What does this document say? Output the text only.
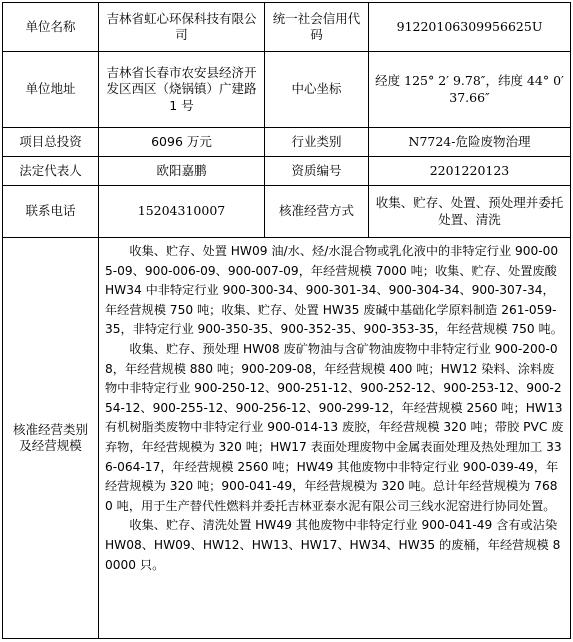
单位名称	吉林省虹心环保科技有限公司	统一社会信用代码	91220106309956625U
单位地址	吉林省长春市农安县经济开发区西区（烧锅镇）广建路 1 号	中心坐标	经度 125° 2′ 9.78″，纬度 44° 0′ 37.66″
项目总投资	6096 万元	行业类别	N7724-危险废物治理
法定代表人	欧阳嘉鹏	资质编号	2201220123
联系电话	15204310007	核准经营方式	收集、贮存、处置、预处理并委托处置、清洗
核准经营类别及经营规模	收集、贮存、处置 HW09 油/水、烃/水混合物或乳化液中的非特定行业 900-005-09、900-006-09、900-007-09，年经营规模 7000 吨；收集、贮存、处置废酸 HW34 中非特定行业 900-300-34、900-301-34、900-304-34、900-307-34，年经营规模 750 吨；收集、贮存、处置 HW35 废碱中基础化学原料制造 261-059-35，非特定行业 900-350-35、900-352-35、900-353-35，年经营规模 750 吨。

收集、贮存、预处理 HW08 废矿物油与含矿物油废物中非特定行业 900-200-08，年经营规模 880 吨；900-209-08，年经营规模 400 吨；HW12 染料、涂料废物中非特定行业 900-250-12、900-251-12、900-252-12、900-253-12、900-254-12、900-255-12、900-256-12、900-299-12，年经营规模 2560 吨；HW13 有机树脂类废物中非特定行业 900-014-13 废胶，年经营规模 320 吨；带胶 PVC 废弃物，年经营规模为 320 吨；HW17 表面处理废物中金属表面处理及热处理加工 336-064-17，年经营规模 2560 吨；HW49 其他废物中非特定行业 900-039-49，年经营规模为 320 吨；900-041-49，年经营规模为 320 吨。总计年经营规模为 7680 吨，用于生产替代性燃料并委托吉林亚泰水泥有限公司三线水泥窑进行协同处置。

收集、贮存、清洗处置 HW49 其他废物中非特定行业 900-041-49 含有或沾染 HW08、HW09、HW12、HW13、HW17、HW34、HW35 的废桶，年经营规模 80000 只。		
